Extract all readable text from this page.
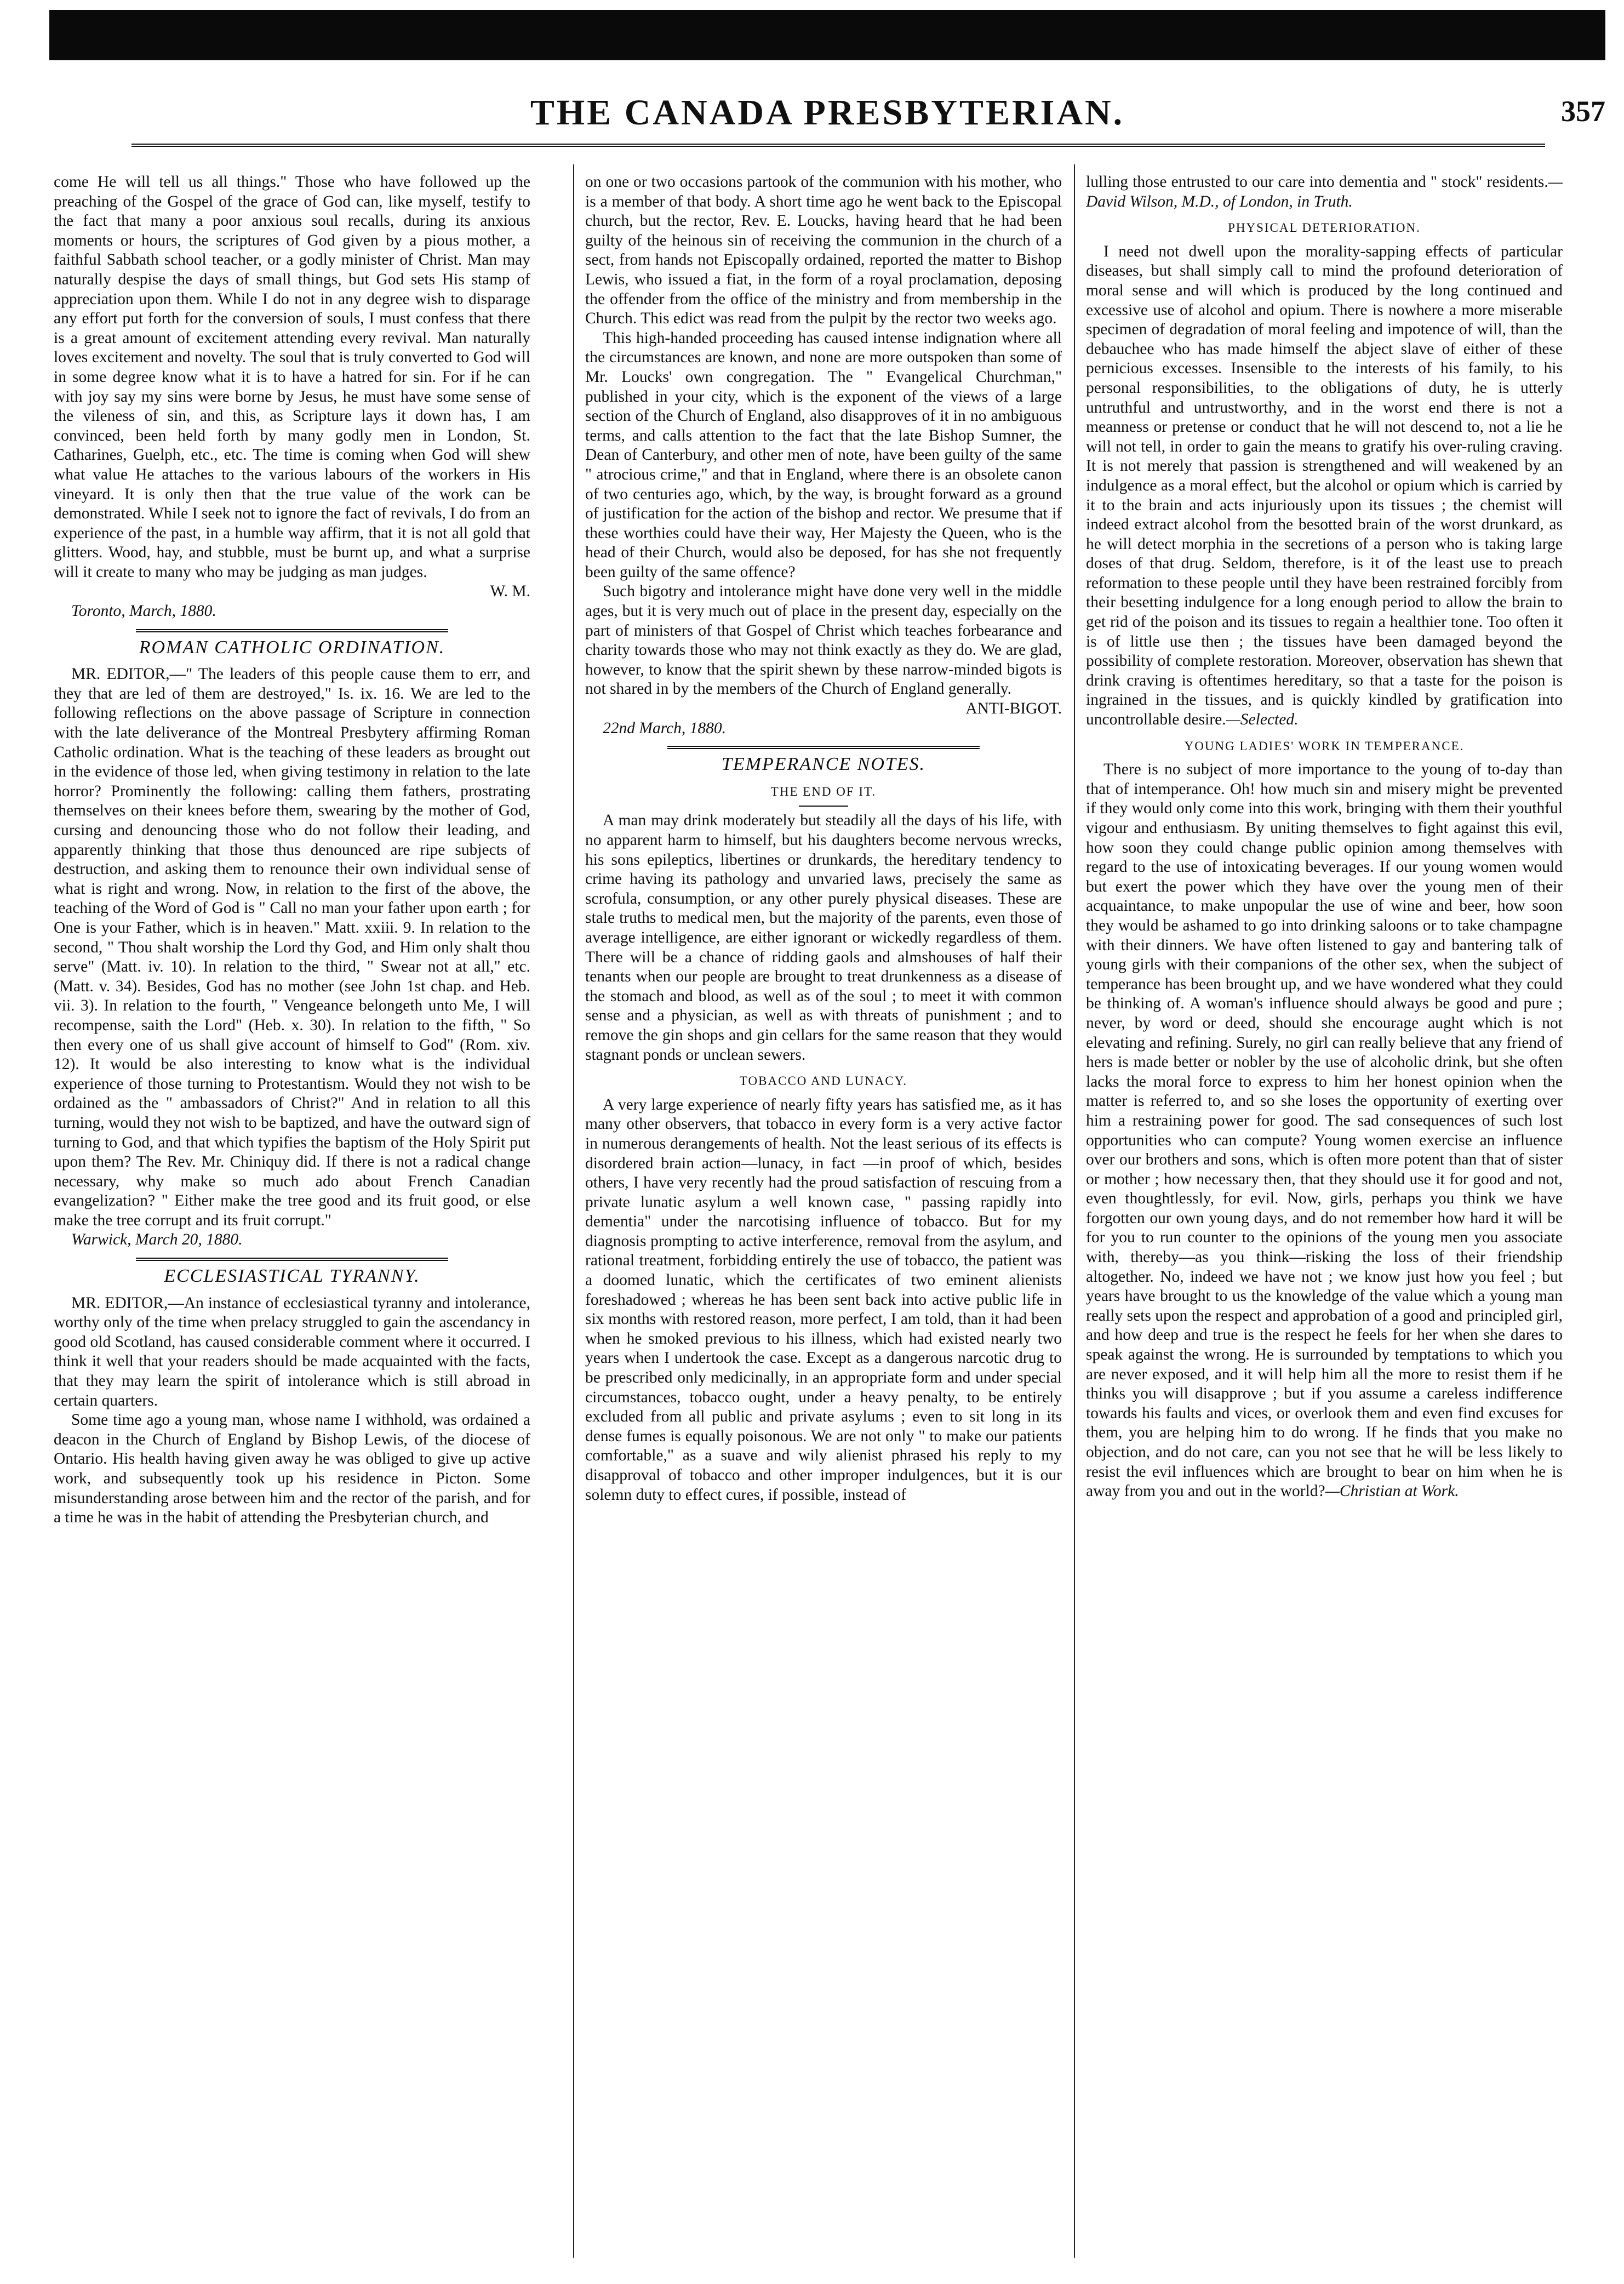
THE CANADA PRESBYTERIAN.	357

come He will tell us all things." Those who have followed up the preaching of the Gospel of the grace of God can, like myself, testify to the fact that many a poor anxious soul recalls, during its anxious moments or hours, the scriptures of God given by a pious mother, a faithful Sabbath school teacher, or a godly minister of Christ. Man may naturally despise the days of small things, but God sets His stamp of appreciation upon them. While I do not in any degree wish to disparage any effort put forth for the conversion of souls, I must confess that there is a great amount of excitement attending every revival. Man naturally loves excitement and novelty. The soul that is truly converted to God will in some degree know what it is to have a hatred for sin. For if he can with joy say my sins were borne by Jesus, he must have some sense of the vileness of sin, and this, as Scripture lays it down has, I am convinced, been held forth by many godly men in London, St. Catharines, Guelph, etc., etc. The time is coming when God will shew what value He attaches to the various labours of the workers in His vineyard. It is only then that the true value of the work can be demonstrated. While I seek not to ignore the fact of revivals, I do from an experience of the past, in a humble way affirm, that it is not all gold that glitters. Wood, hay, and stubble, must be burnt up, and what a surprise will it create to many who may be judging as man judges.

W. M.

Toronto, March, 1880.

ROMAN CATHOLIC ORDINATION.

MR. EDITOR,—" The leaders of this people cause them to err, and they that are led of them are destroyed," Is. ix. 16. We are led to the following reflections on the above passage of Scripture in connection with the late deliverance of the Montreal Presbytery affirming Roman Catholic ordination. What is the teaching of these leaders as brought out in the evidence of those led, when giving testimony in relation to the late horror? Prominently the following: calling them fathers, prostrating themselves on their knees before them, swearing by the mother of God, cursing and denouncing those who do not follow their leading, and apparently thinking that those thus denounced are ripe subjects of destruction, and asking them to renounce their own individual sense of what is right and wrong. Now, in relation to the first of the above, the teaching of the Word of God is " Call no man your father upon earth ; for One is your Father, which is in heaven." Matt. xxiii. 9. In relation to the second, " Thou shalt worship the Lord thy God, and Him only shalt thou serve" (Matt. iv. 10). In relation to the third, " Swear not at all," etc. (Matt. v. 34). Besides, God has no mother (see John 1st chap. and Heb. vii. 3). In relation to the fourth, " Vengeance belongeth unto Me, I will recompense, saith the Lord" (Heb. x. 30). In relation to the fifth, " So then every one of us shall give account of himself to God" (Rom. xiv. 12). It would be also interesting to know what is the individual experience of those turning to Protestantism. Would they not wish to be ordained as the " ambassadors of Christ?" And in relation to all this turning, would they not wish to be baptized, and have the outward sign of turning to God, and that which typifies the baptism of the Holy Spirit put upon them? The Rev. Mr. Chiniquy did. If there is not a radical change necessary, why make so much ado about French Canadian evangelization? " Either make the tree good and its fruit good, or else make the tree corrupt and its fruit corrupt."

Warwick, March 20, 1880.

ECCLESIASTICAL TYRANNY.

MR. EDITOR,—An instance of ecclesiastical tyranny and intolerance, worthy only of the time when prelacy struggled to gain the ascendancy in good old Scotland, has caused considerable comment where it occurred. I think it well that your readers should be made acquainted with the facts, that they may learn the spirit of intolerance which is still abroad in certain quarters.

Some time ago a young man, whose name I withhold, was ordained a deacon in the Church of England by Bishop Lewis, of the diocese of Ontario. His health having given away he was obliged to give up active work, and subsequently took up his residence in Picton. Some misunderstanding arose between him and the rector of the parish, and for a time he was in the habit of attending the Presbyterian church, and

on one or two occasions partook of the communion with his mother, who is a member of that body. A short time ago he went back to the Episcopal church, but the rector, Rev. E. Loucks, having heard that he had been guilty of the heinous sin of receiving the communion in the church of a sect, from hands not Episcopally ordained, reported the matter to Bishop Lewis, who issued a fiat, in the form of a royal proclamation, deposing the offender from the office of the ministry and from membership in the Church. This edict was read from the pulpit by the rector two weeks ago.

This high-handed proceeding has caused intense indignation where all the circumstances are known, and none are more outspoken than some of Mr. Loucks' own congregation. The " Evangelical Churchman," published in your city, which is the exponent of the views of a large section of the Church of England, also disapproves of it in no ambiguous terms, and calls attention to the fact that the late Bishop Sumner, the Dean of Canterbury, and other men of note, have been guilty of the same " atrocious crime," and that in England, where there is an obsolete canon of two centuries ago, which, by the way, is brought forward as a ground of justification for the action of the bishop and rector. We presume that if these worthies could have their way, Her Majesty the Queen, who is the head of their Church, would also be deposed, for has she not frequently been guilty of the same offence?

Such bigotry and intolerance might have done very well in the middle ages, but it is very much out of place in the present day, especially on the part of ministers of that Gospel of Christ which teaches forbearance and charity towards those who may not think exactly as they do. We are glad, however, to know that the spirit shewn by these narrow-minded bigots is not shared in by the members of the Church of England generally.

ANTI-BIGOT.

22nd March, 1880.

TEMPERANCE NOTES.
THE END OF IT.

A man may drink moderately but steadily all the days of his life, with no apparent harm to himself, but his daughters become nervous wrecks, his sons epileptics, libertines or drunkards, the hereditary tendency to crime having its pathology and unvaried laws, precisely the same as scrofula, consumption, or any other purely physical diseases. These are stale truths to medical men, but the majority of the parents, even those of average intelligence, are either ignorant or wickedly regardless of them. There will be a chance of ridding gaols and almshouses of half their tenants when our people are brought to treat drunkenness as a disease of the stomach and blood, as well as of the soul ; to meet it with common sense and a physician, as well as with threats of punishment ; and to remove the gin shops and gin cellars for the same reason that they would stagnant ponds or unclean sewers.

TOBACCO AND LUNACY.

A very large experience of nearly fifty years has satisfied me, as it has many other observers, that tobacco in every form is a very active factor in numerous derangements of health. Not the least serious of its effects is disordered brain action—lunacy, in fact —in proof of which, besides others, I have very recently had the proud satisfaction of rescuing from a private lunatic asylum a well known case, " passing rapidly into dementia" under the narcotising influence of tobacco. But for my diagnosis prompting to active interference, removal from the asylum, and rational treatment, forbidding entirely the use of tobacco, the patient was a doomed lunatic, which the certificates of two eminent alienists foreshadowed ; whereas he has been sent back into active public life in six months with restored reason, more perfect, I am told, than it had been when he smoked previous to his illness, which had existed nearly two years when I undertook the case. Except as a dangerous narcotic drug to be prescribed only medicinally, in an appropriate form and under special circumstances, tobacco ought, under a heavy penalty, to be entirely excluded from all public and private asylums ; even to sit long in its dense fumes is equally poisonous. We are not only " to make our patients comfortable," as a suave and wily alienist phrased his reply to my disapproval of tobacco and other improper indulgences, but it is our solemn duty to effect cures, if possible, instead of

lulling those entrusted to our care into dementia and " stock" residents.—David Wilson, M.D., of London, in Truth.

PHYSICAL DETERIORATION.

I need not dwell upon the morality-sapping effects of particular diseases, but shall simply call to mind the profound deterioration of moral sense and will which is produced by the long continued and excessive use of alcohol and opium. There is nowhere a more miserable specimen of degradation of moral feeling and impotence of will, than the debauchee who has made himself the abject slave of either of these pernicious excesses. Insensible to the interests of his family, to his personal responsibilities, to the obligations of duty, he is utterly untruthful and untrustworthy, and in the worst end there is not a meanness or pretense or conduct that he will not descend to, not a lie he will not tell, in order to gain the means to gratify his over-ruling craving. It is not merely that passion is strengthened and will weakened by an indulgence as a moral effect, but the alcohol or opium which is carried by it to the brain and acts injuriously upon its tissues ; the chemist will indeed extract alcohol from the besotted brain of the worst drunkard, as he will detect morphia in the secretions of a person who is taking large doses of that drug. Seldom, therefore, is it of the least use to preach reformation to these people until they have been restrained forcibly from their besetting indulgence for a long enough period to allow the brain to get rid of the poison and its tissues to regain a healthier tone. Too often it is of little use then ; the tissues have been damaged beyond the possibility of complete restoration. Moreover, observation has shewn that drink craving is oftentimes hereditary, so that a taste for the poison is ingrained in the tissues, and is quickly kindled by gratification into uncontrollable desire.—Selected.

YOUNG LADIES' WORK IN TEMPERANCE.

There is no subject of more importance to the young of to-day than that of intemperance. Oh! how much sin and misery might be prevented if they would only come into this work, bringing with them their youthful vigour and enthusiasm. By uniting themselves to fight against this evil, how soon they could change public opinion among themselves with regard to the use of intoxicating beverages. If our young women would but exert the power which they have over the young men of their acquaintance, to make unpopular the use of wine and beer, how soon they would be ashamed to go into drinking saloons or to take champagne with their dinners. We have often listened to gay and bantering talk of young girls with their companions of the other sex, when the subject of temperance has been brought up, and we have wondered what they could be thinking of. A woman's influence should always be good and pure ; never, by word or deed, should she encourage aught which is not elevating and refining. Surely, no girl can really believe that any friend of hers is made better or nobler by the use of alcoholic drink, but she often lacks the moral force to express to him her honest opinion when the matter is referred to, and so she loses the opportunity of exerting over him a restraining power for good. The sad consequences of such lost opportunities who can compute? Young women exercise an influence over our brothers and sons, which is often more potent than that of sister or mother ; how necessary then, that they should use it for good and not, even thoughtlessly, for evil. Now, girls, perhaps you think we have forgotten our own young days, and do not remember how hard it will be for you to run counter to the opinions of the young men you associate with, thereby—as you think—risking the loss of their friendship altogether. No, indeed we have not ; we know just how you feel ; but years have brought to us the knowledge of the value which a young man really sets upon the respect and approbation of a good and principled girl, and how deep and true is the respect he feels for her when she dares to speak against the wrong. He is surrounded by temptations to which you are never exposed, and it will help him all the more to resist them if he thinks you will disapprove ; but if you assume a careless indifference towards his faults and vices, or overlook them and even find excuses for them, you are helping him to do wrong. If he finds that you make no objection, and do not care, can you not see that he will be less likely to resist the evil influences which are brought to bear on him when he is away from you and out in the world?—Christian at Work.
